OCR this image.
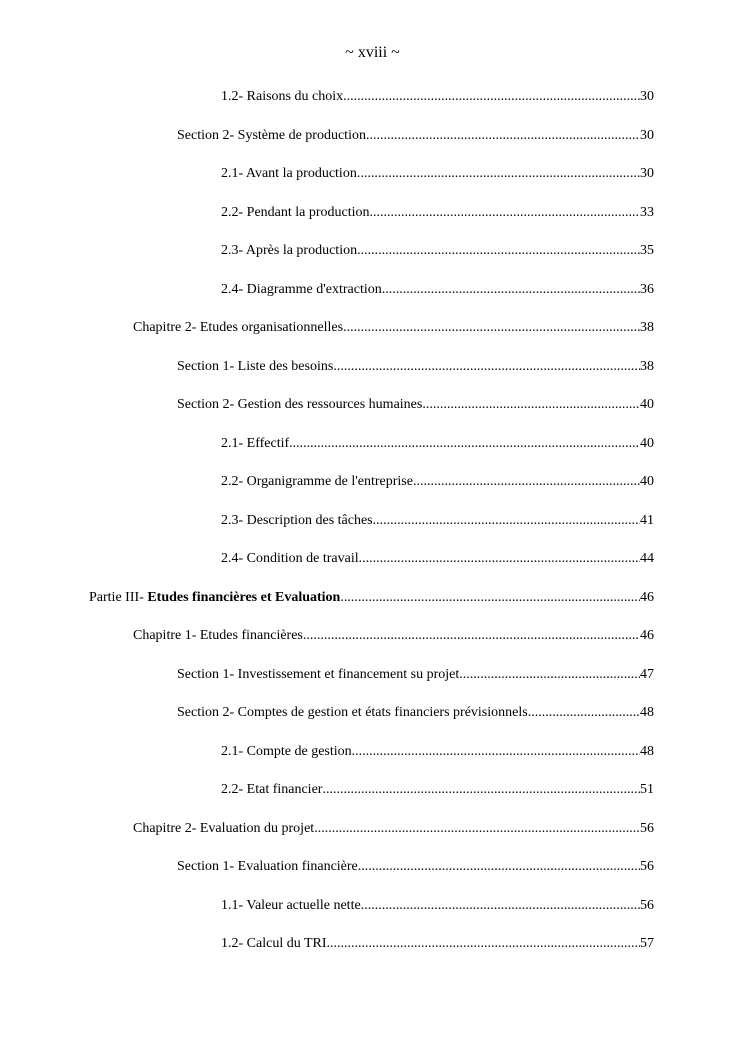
~ xviii ~
1.2- Raisons du choix .....	30
Section 2- Système de production .....	30
2.1- Avant la production .....	30
2.2- Pendant la production .....	33
2.3- Après la production .....	35
2.4- Diagramme d'extraction .....	36
Chapitre 2- Etudes organisationnelles .....	38
Section 1- Liste des besoins .....	38
Section 2- Gestion des ressources humaines .....	40
2.1- Effectif .....	40
2.2- Organigramme de l'entreprise .....	40
2.3- Description des tâches .....	41
2.4- Condition de travail .....	44
Partie III- Etudes financières et Evaluation .....	46
Chapitre 1- Etudes financières .....	46
Section 1- Investissement et financement su projet .....	47
Section 2- Comptes de gestion et états financiers prévisionnels .....	48
2.1- Compte de gestion .....	48
2.2- Etat financier .....	51
Chapitre 2- Evaluation du projet .....	56
Section 1- Evaluation financière .....	56
1.1- Valeur actuelle nette .....	56
1.2- Calcul du TRI .....	57
